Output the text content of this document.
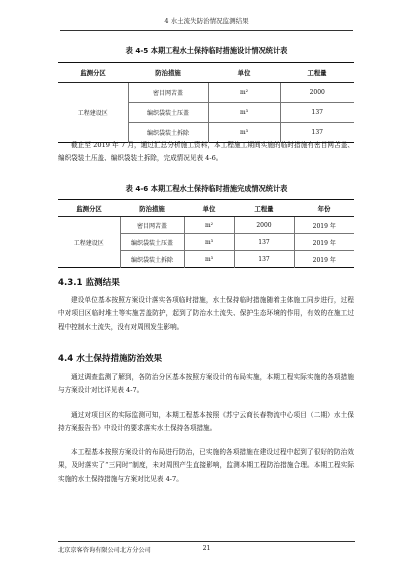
4 水土流失防治情况监测结果
表 4-5 本期工程水土保持临时措施设计情况统计表
监测分区	防治措施	单位	工程量
工程建设区	密目网苫盖	m²	2000
	编织袋装土压盖	m³	137
	编织袋装土拆除	m³	137

截止至 2019 年 7 月，通过汇总分析施工资料，本工程施工期间实施的临时措施有密目网苫盖、编织袋装土压盖、编织袋装土拆除，完成情况见表 4-6。

表 4-6 本期工程水土保持临时措施完成情况统计表
监测分区	防治措施	单位	工程量	年份
工程建设区	密目网苫盖	m²	2000	2019 年
	编织袋装土压盖	m³	137	2019 年
	编织袋装土拆除	m³	137	2019 年
4.3.1 监测结果

建设单位基本按照方案设计落实各项临时措施，水土保持临时措施随着主体施工同步进行，过程中对项目区临时堆土等实施苫盖防护，起到了防治水土流失、保护生态环境的作用，有效的在施工过程中控制水土流失，没有对周围发生影响。

4.4 水土保持措施防治效果

通过调查监测了解到，各防治分区基本按照方案设计的布局实施，本期工程实际实施的各项措施与方案设计对比详见表 4-7。

通过对项目区的实际监测可知，本期工程基本按照《苏宁云商长春物流中心项目（二期）水土保持方案报告书》中设计的要求落实水土保持各项措施。

本工程基本按照方案设计的布局进行防治，已实施的各项措施在建设过程中起到了很好的防治效果，及时落实了“三同时”制度，未对周围产生直接影响，监测本期工程防治措施合理。本期工程实际实施的水土保持措施与方案对比见表 4-7。

北京京客咨询有限公司北方分公司	21
